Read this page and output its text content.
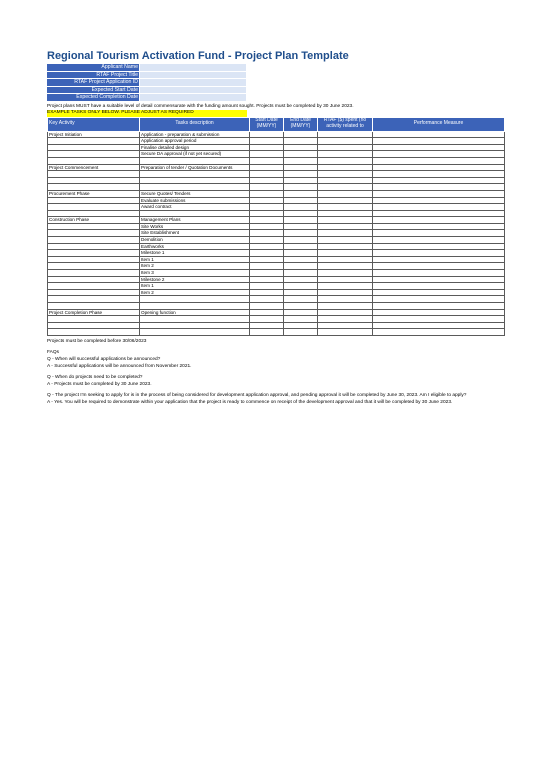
Regional Tourism Activation Fund - Project Plan Template
Applicant Name
RTAF Project Title
RTAF Project Application ID
Expected Start Date
Expected Completion Date
Project plans MUST have a suitable level of detail commensurate with the funding amount sought. Projects must be completed by 30 June 2023.
EXAMPLE TASKS ONLY BELOW. PLEASE ADJUST AS REQUIRED
Key Activity	Tasks description	Start Date (MM/YY)	End Date (MM/YY)	RTAF ($) spent (no activity related to	Performance Measure
Project Initiation	Application - preparation & submission				
	Application approval period				
	Finalise detailed design				
	Secure DA approval (if not yet secured)				

Project Commencement	Preparation of tender / Quotation Documents				

Procurement Phase	Secure Quotes/ Tenders				
	Evaluate submissions				
	Award contract				

Construction Phase	Management Plans				
	Site Works				
	Site Establishment				
	Demolition				
	Earthworks				
	Milestone 1				
	Item 1				
	Item 2				
	Item 3				
	Milestone 2				
	Item 1				
	Item 2				

Project Completion Phase	Opening function				

Projects must be completed before 30/06/2023
FAQs
Q - When will successful applications be announced?
A - Successful applications will be announced from November 2021.
Q - When do projects need to be completed?
A - Projects must be completed by 30 June 2023.
Q - The project I'm seeking to apply for is in the process of being considered for development application approval, and pending approval it will be completed by June 30, 2023. Am I eligible to apply?
A - Yes. You will be required to demonstrate within your application that the project is ready to commence on receipt of the development approval and that it will be completed by 30 June 2023.
